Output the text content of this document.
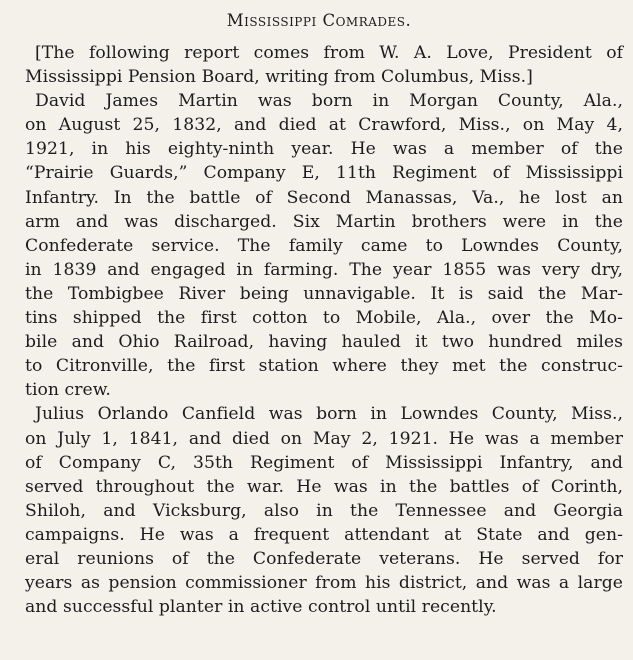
Mississippi Comrades.
[The following report comes from W. A. Love, President of
Mississippi Pension Board, writing from Columbus, Miss.]
David James Martin was born in Morgan County, Ala.,
on August 25, 1832, and died at Crawford, Miss., on May 4,
1921, in his eighty-ninth year. He was a member of the
“Prairie Guards,” Company E, 11th Regiment of Mississippi
Infantry. In the battle of Second Manassas, Va., he lost an
arm and was discharged. Six Martin brothers were in the
Confederate service. The family came to Lowndes County,
in 1839 and engaged in farming. The year 1855 was very dry,
the Tombigbee River being unnavigable. It is said the Mar-
tins shipped the first cotton to Mobile, Ala., over the Mo-
bile and Ohio Railroad, having hauled it two hundred miles
to Citronville, the first station where they met the construc-
tion crew.
Julius Orlando Canfield was born in Lowndes County, Miss.,
on July 1, 1841, and died on May 2, 1921. He was a member
of Company C, 35th Regiment of Mississippi Infantry, and
served throughout the war. He was in the battles of Corinth,
Shiloh, and Vicksburg, also in the Tennessee and Georgia
campaigns. He was a frequent attendant at State and gen-
eral reunions of the Confederate veterans. He served for
years as pension commissioner from his district, and was a large
and successful planter in active control until recently.
